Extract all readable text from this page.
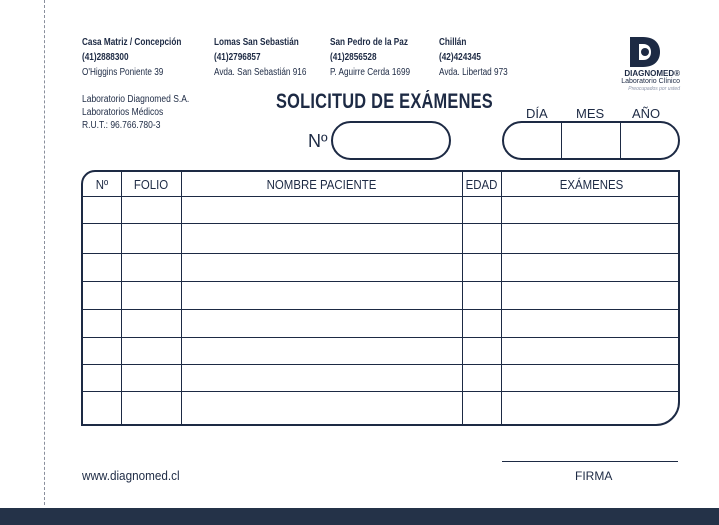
Casa Matriz / Concepción
(41)2888300
O'Higgins Poniente 39
Lomas San Sebastián
(41)2796857
Avda. San Sebastián 916
San Pedro de la Paz
(41)2856528
P. Aguirre Cerda 1699
Chillán
(42)424345
Avda. Libertad 973	DIAGNOMED®
Laboratorio Clínico
Preocupados por usted
Laboratorio Diagnomed S.A.
Laboratorios Médicos
R.U.T.: 96.766.780-3
SOLICITUD DE EXÁMENES
Nº
DÍA MES AÑO
Nº	FOLIO	NOMBRE PACIENTE	EDAD	EXÁMENES
www.diagnomed.cl	FIRMA
